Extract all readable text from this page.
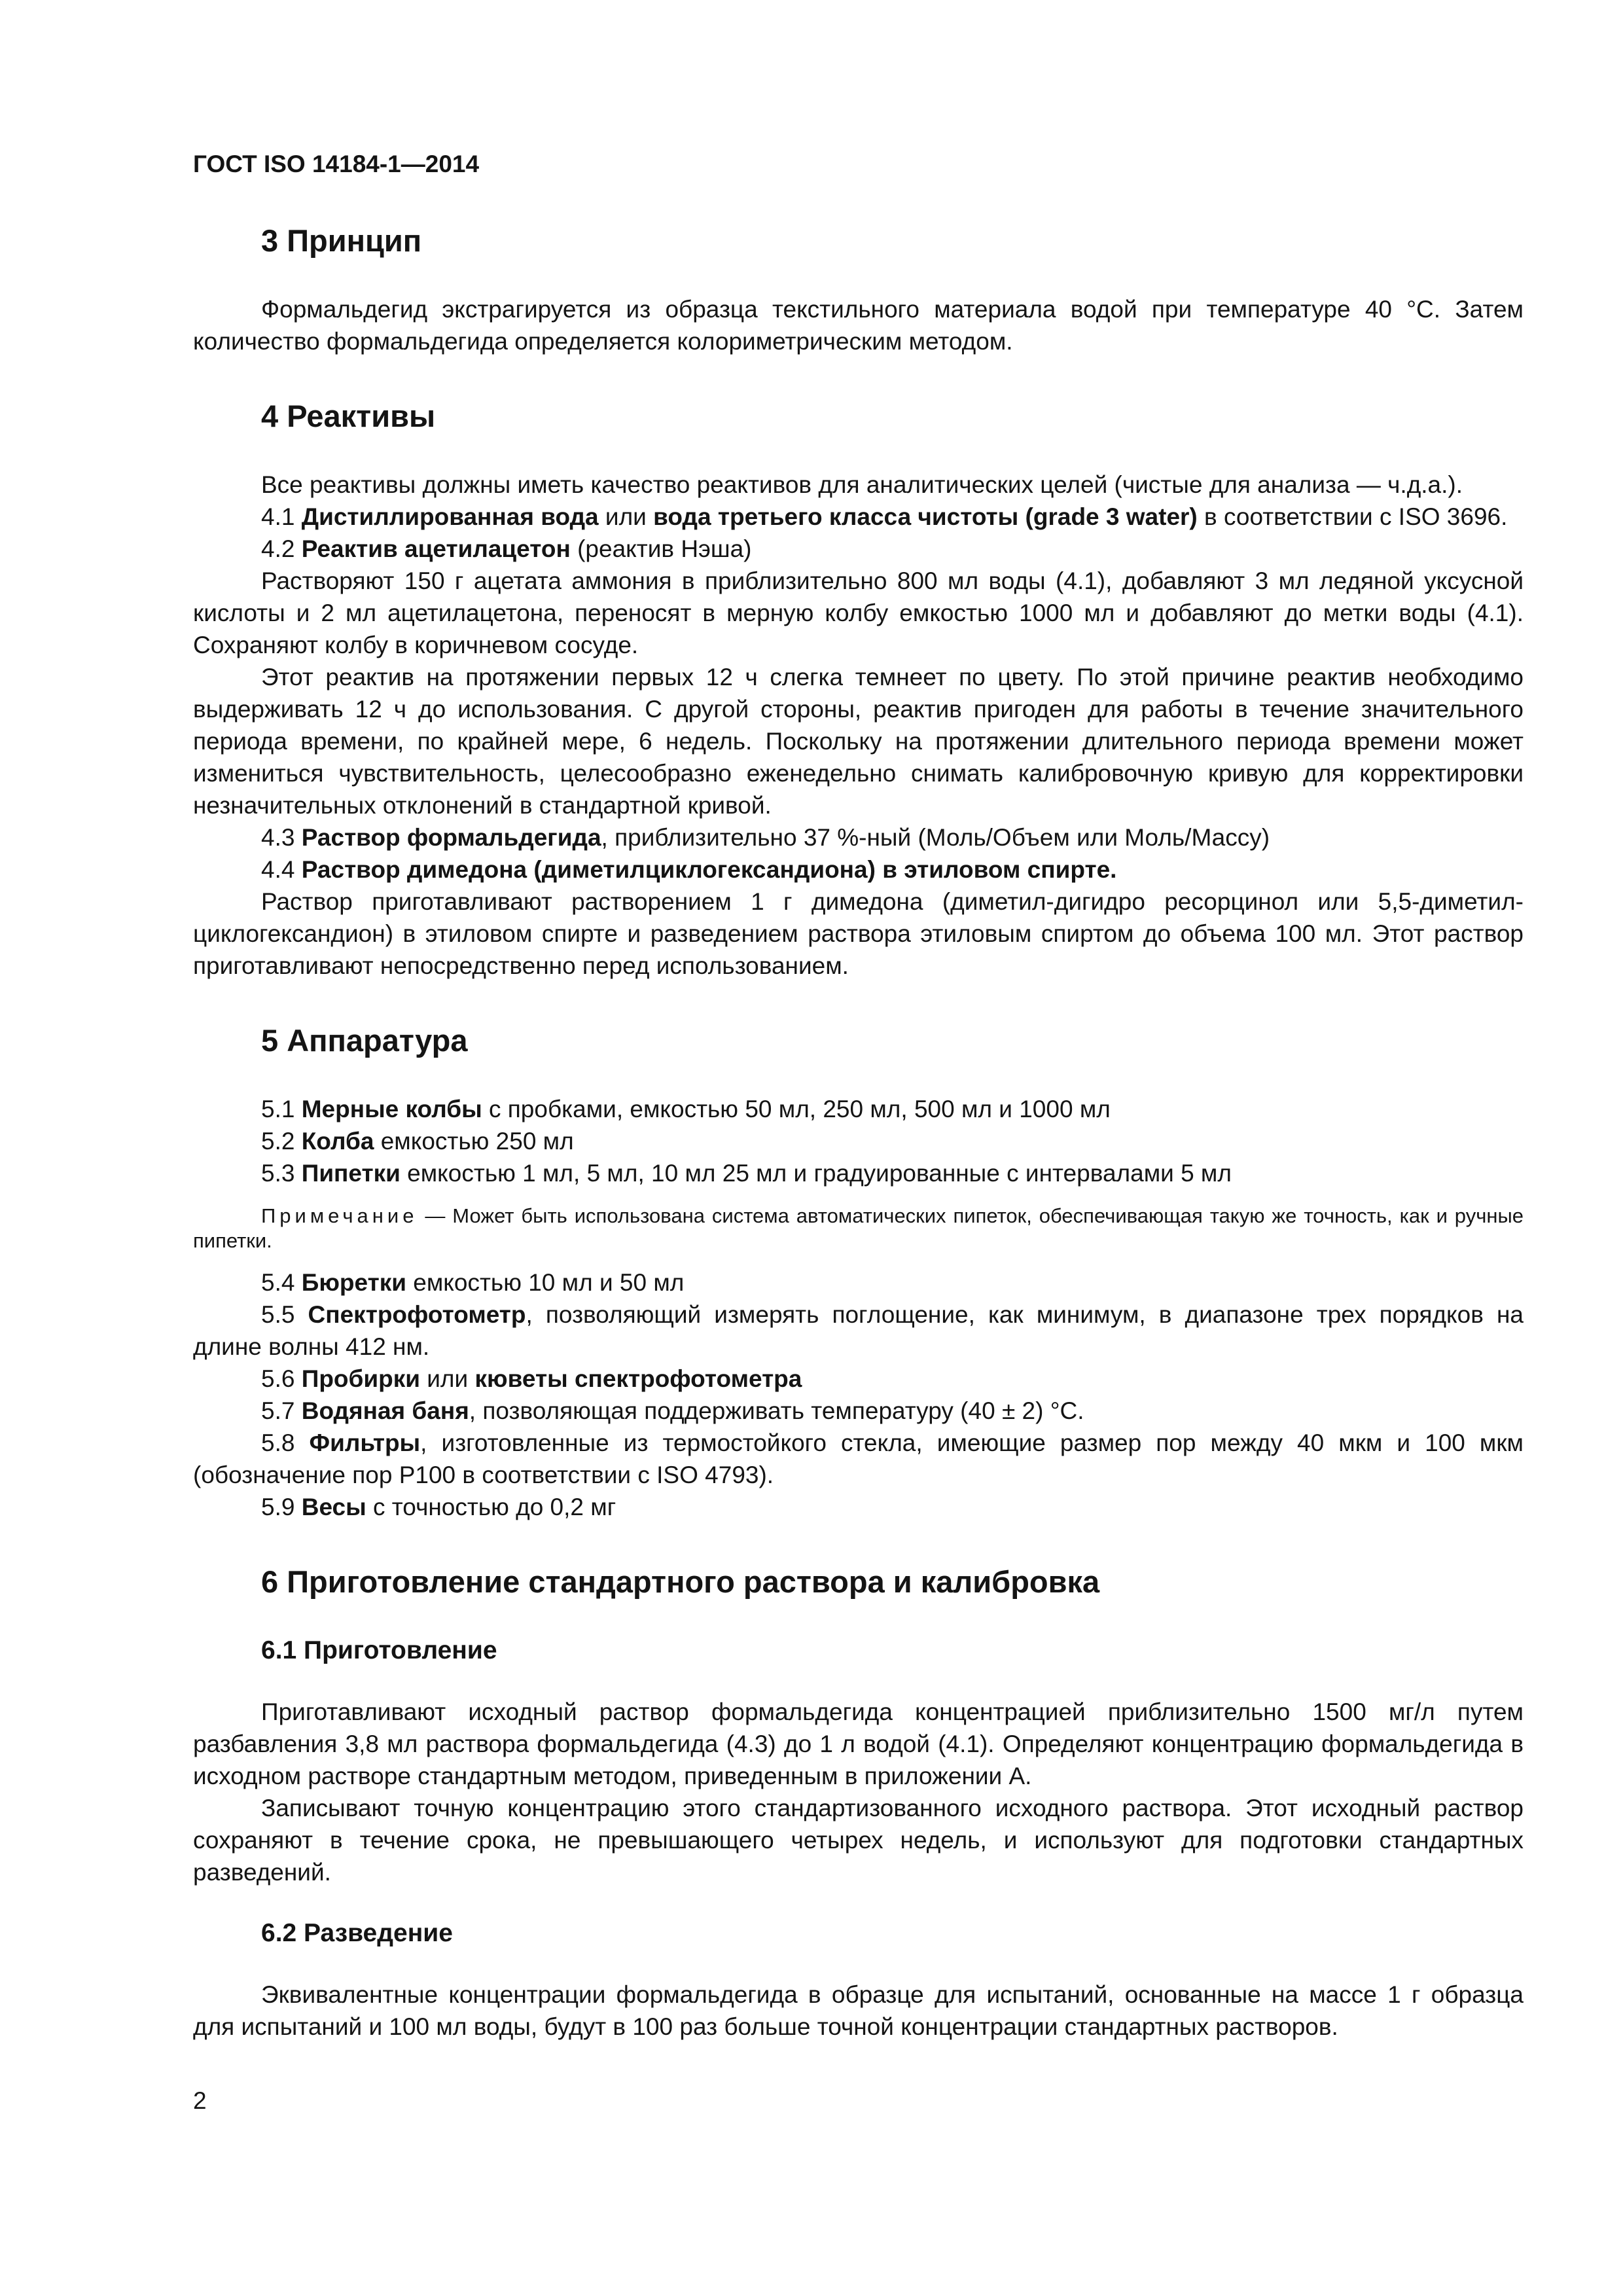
ГОСТ ISO 14184-1—2014
3 Принцип

Формальдегид экстрагируется из образца текстильного материала водой при температуре 40 °С. Затем количество формальдегида определяется колориметрическим методом.

4 Реактивы

Все реактивы должны иметь качество реактивов для аналитических целей (чистые для анализа — ч.д.а.).

4.1 Дистиллированная вода или вода третьего класса чистоты (grade 3 water) в соответствии с ISO 3696.

4.2 Реактив ацетилацетон (реактив Нэша)

Растворяют 150 г ацетата аммония в приблизительно 800 мл воды (4.1), добавляют 3 мл ледяной уксусной кислоты и 2 мл ацетилацетона, переносят в мерную колбу емкостью 1000 мл и добавляют до метки воды (4.1). Сохраняют колбу в коричневом сосуде.

Этот реактив на протяжении первых 12 ч слегка темнеет по цвету. По этой причине реактив необходимо выдерживать 12 ч до использования. С другой стороны, реактив пригоден для работы в течение значительного периода времени, по крайней мере, 6 недель. Поскольку на протяжении длительного периода времени может измениться чувствительность, целесообразно еженедельно снимать калибровочную кривую для корректировки незначительных отклонений в стандартной кривой.

4.3 Раствор формальдегида, приблизительно 37 %-ный (Моль/Объем или Моль/Массу)

4.4 Раствор димедона (диметилциклогександиона) в этиловом спирте.

Раствор приготавливают растворением 1 г димедона (диметил-дигидро ресорцинол или 5,5-диметил-циклогександион) в этиловом спирте и разведением раствора этиловым спиртом до объема 100 мл. Этот раствор приготавливают непосредственно перед использованием.

5 Аппаратура

5.1 Мерные колбы с пробками, емкостью 50 мл, 250 мл, 500 мл и 1000 мл

5.2 Колба емкостью 250 мл

5.3 Пипетки емкостью 1 мл, 5 мл, 10 мл 25 мл и градуированные с интервалами 5 мл

Примечание — Может быть использована система автоматических пипеток, обеспечивающая такую же точность, как и ручные пипетки.

5.4 Бюретки емкостью 10 мл и 50 мл

5.5 Спектрофотометр, позволяющий измерять поглощение, как минимум, в диапазоне трех порядков на длине волны 412 нм.

5.6 Пробирки или кюветы спектрофотометра

5.7 Водяная баня, позволяющая поддерживать температуру (40 ± 2) °С.

5.8 Фильтры, изготовленные из термостойкого стекла, имеющие размер пор между 40 мкм и 100 мкм (обозначение пор Р100 в соответствии с ISO 4793).

5.9 Весы с точностью до 0,2 мг

6 Приготовление стандартного раствора и калибровка
6.1 Приготовление

Приготавливают исходный раствор формальдегида концентрацией приблизительно 1500 мг/л путем разбавления 3,8 мл раствора формальдегида (4.3) до 1 л водой (4.1). Определяют концентрацию формальдегида в исходном растворе стандартным методом, приведенным в приложении А.

Записывают точную концентрацию этого стандартизованного исходного раствора. Этот исходный раствор сохраняют в течение срока, не превышающего четырех недель, и используют для подготовки стандартных разведений.

6.2 Разведение

Эквивалентные концентрации формальдегида в образце для испытаний, основанные на массе 1 г образца для испытаний и 100 мл воды, будут в 100 раз больше точной концентрации стандартных растворов.

2
